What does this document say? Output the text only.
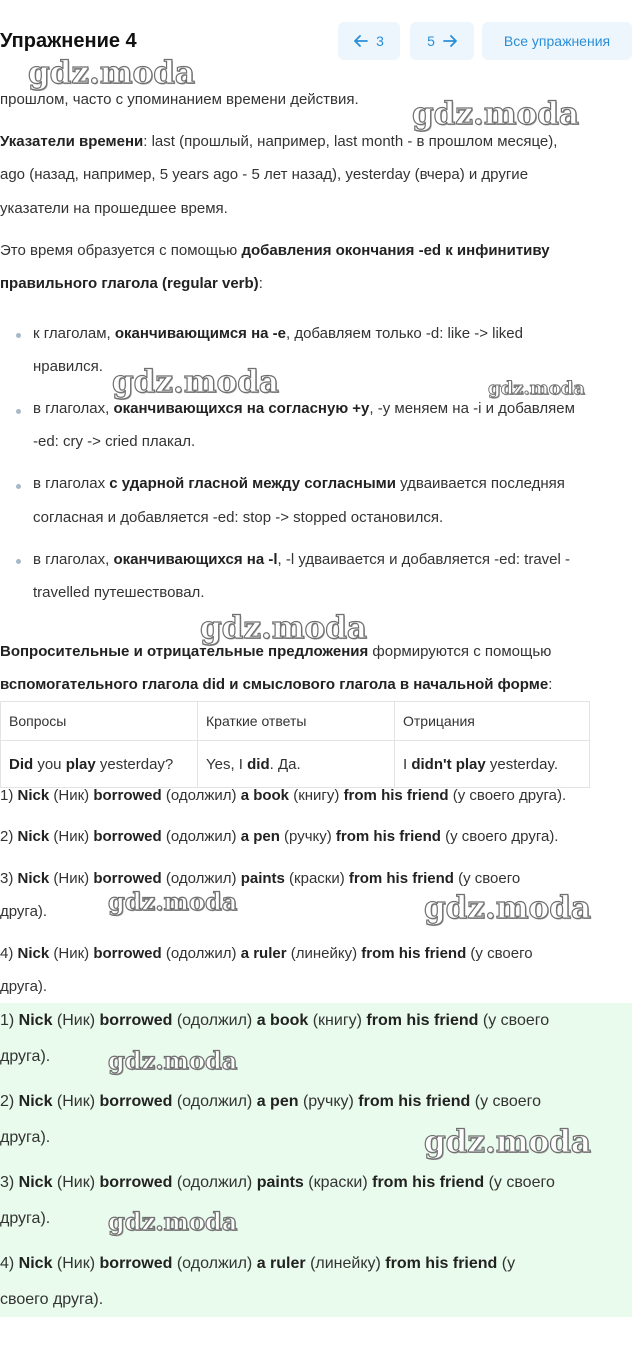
Упражнение 4	3	5	Все упражнения
прошлом, часто с упоминанием времени действия.
Указатели времени: last (прошлый, например, last month - в прошлом месяце),
ago (назад, например, 5 years ago - 5 лет назад), yesterday (вчера) и другие
указатели на прошедшее время.
Это время образуется с помощью добавления окончания -ed к инфинитиву
правильного глагола (regular verb):
к глаголам, оканчивающимся на -e, добавляем только -d: like -> liked
нравился.
в глаголах, оканчивающихся на согласную +y, -y меняем на -i и добавляем
-ed: cry -> cried плакал.
в глаголах с ударной гласной между согласными удваивается последняя
согласная и добавляется -ed: stop -> stopped остановился.
в глаголах, оканчивающихся на -l, -l удваивается и добавляется -ed: travel -
travelled путешествовал.
Вопросительные и отрицательные предложения формируются с помощью
вспомогательного глагола did и смыслового глагола в начальной форме:
Вопросы	Краткие ответы	Отрицания
Did you play yesterday?	Yes, I did. Да.	I didn't play yesterday.
1) Nick (Ник) borrowed (одолжил) a book (книгу) from his friend (у своего друга).
2) Nick (Ник) borrowed (одолжил) a pen (ручку) from his friend (у своего друга).
3) Nick (Ник) borrowed (одолжил) paints (краски) from his friend (у своего
друга).
4) Nick (Ник) borrowed (одолжил) a ruler (линейку) from his friend (у своего
друга).
1) Nick (Ник) borrowed (одолжил) a book (книгу) from his friend (у своего
друга).
2) Nick (Ник) borrowed (одолжил) a pen (ручку) from his friend (у своего
друга).
3) Nick (Ник) borrowed (одолжил) paints (краски) from his friend (у своего
друга).
4) Nick (Ник) borrowed (одолжил) a ruler (линейку) from his friend (у
своего друга).
gdz.moda
gdz.moda
gdz.moda	gdz.moda
gdz.moda
gdz.moda	gdz.moda
gdz.moda
gdz.moda
gdz.moda
